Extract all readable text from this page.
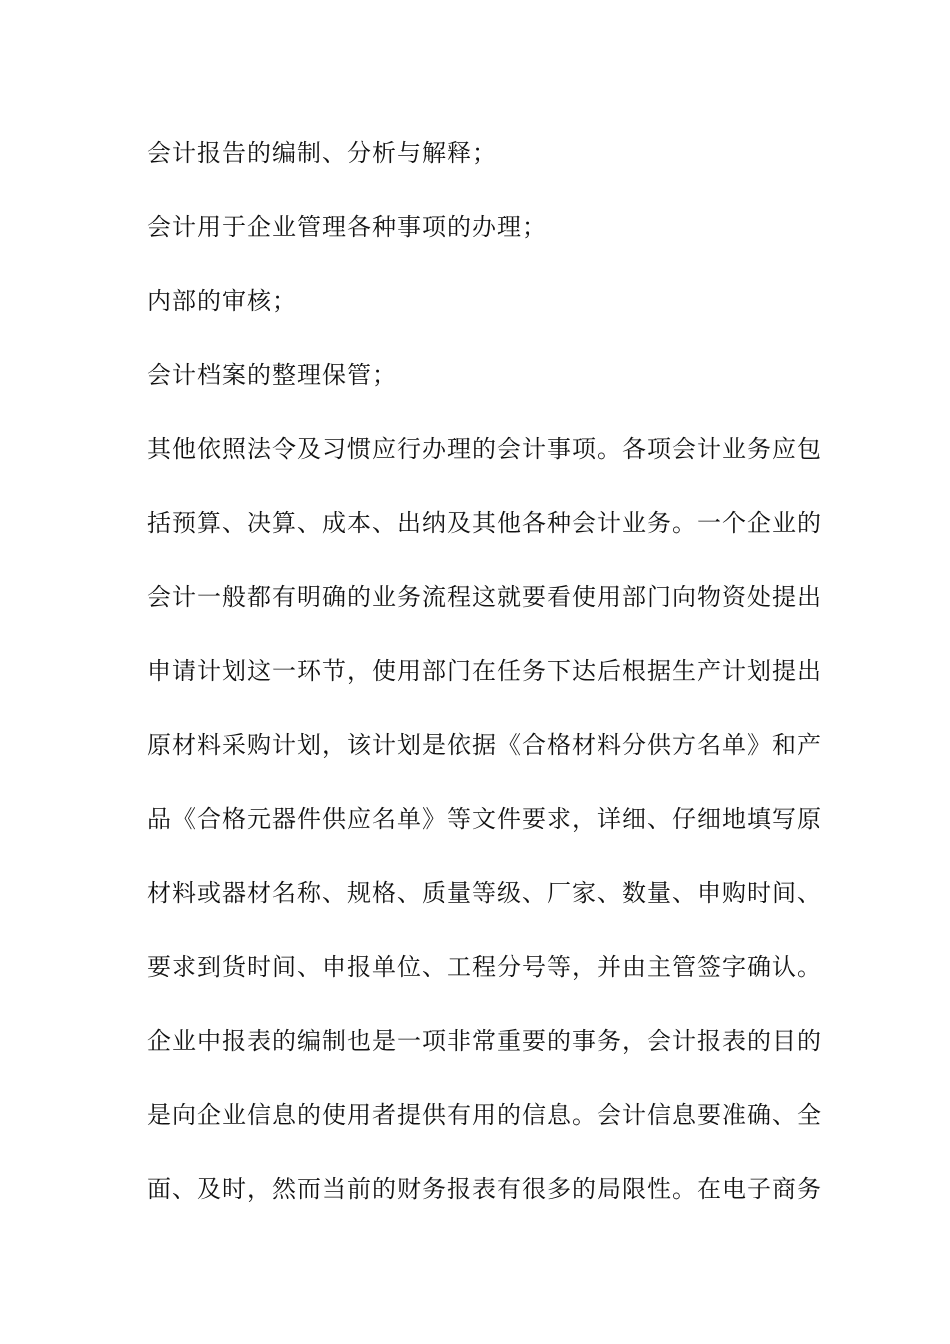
会计报告的编制、分析与解释；
会计用于企业管理各种事项的办理；
内部的审核；
会计档案的整理保管；
其他依照法令及习惯应行办理的会计事项。各项会计业务应包
括预算、决算、成本、出纳及其他各种会计业务。一个企业的
会计一般都有明确的业务流程这就要看使用部门向物资处提出
申请计划这一环节，使用部门在任务下达后根据生产计划提出
原材料采购计划，该计划是依据《合格材料分供方名单》和产
品《合格元器件供应名单》等文件要求，详细、仔细地填写原
材料或器材名称、规格、质量等级、厂家、数量、申购时间、
要求到货时间、申报单位、工程分号等，并由主管签字确认。
企业中报表的编制也是一项非常重要的事务，会计报表的目的
是向企业信息的使用者提供有用的信息。会计信息要准确、全
面、及时，然而当前的财务报表有很多的局限性。在电子商务
